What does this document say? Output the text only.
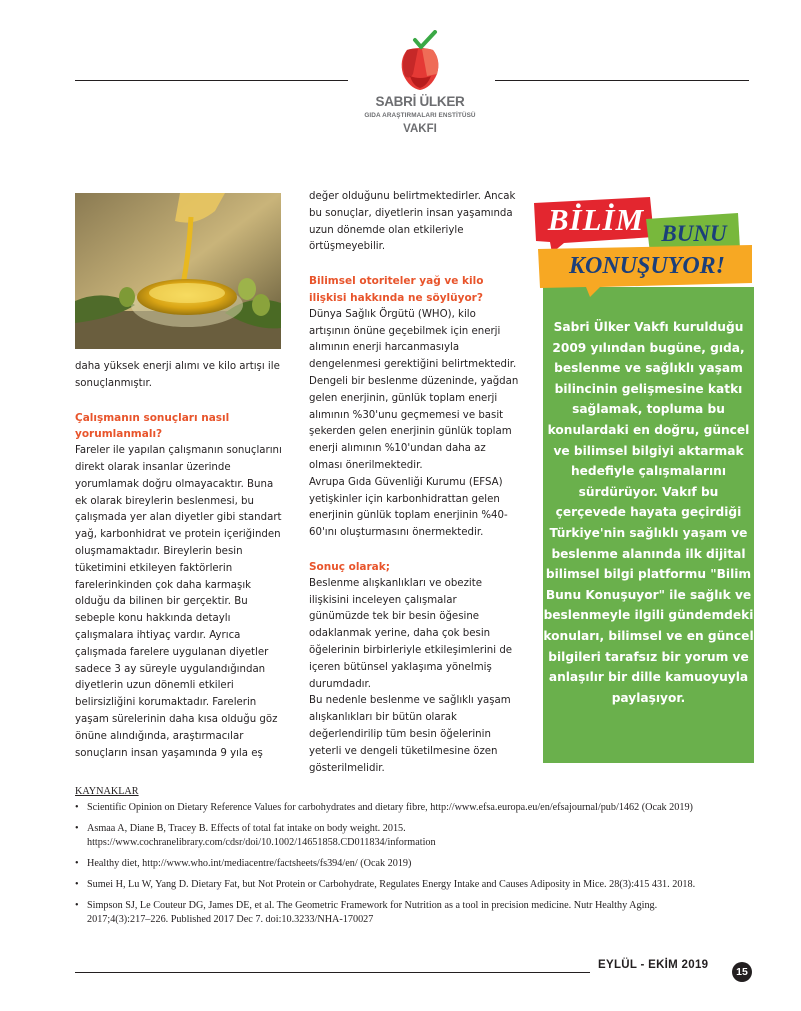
SABRİ ÜLKER
GIDA ARAŞTIRMALARI ENSTİTÜSÜ
VAKFI

daha yüksek enerji alımı ve kilo artışı ile sonuçlanmıştır.

Çalışmanın sonuçları nasıl yorumlanmalı?

Fareler ile yapılan çalışmanın sonuçlarını direkt olarak insanlar üzerinde yorumlamak doğru olmayacaktır. Buna ek olarak bireylerin beslenmesi, bu çalışmada yer alan diyetler gibi standart yağ, karbonhidrat ve protein içeriğinden oluşmamaktadır. Bireylerin besin tüketimini etkileyen faktörlerin farelerinkinden çok daha karmaşık olduğu da bilinen bir gerçektir. Bu sebeple konu hakkında detaylı çalışmalara ihtiyaç vardır. Ayrıca çalışmada farelere uygulanan diyetler sadece 3 ay süreyle uygulandığından diyetlerin uzun dönemli etkileri belirsizliğini korumaktadır. Farelerin yaşam sürelerinin daha kısa olduğu göz önüne alındığında, araştırmacılar sonuçların insan yaşamında 9 yıla eş

değer olduğunu belirtmektedirler. Ancak bu sonuçlar, diyetlerin insan yaşamında uzun dönemde olan etkileriyle örtüşmeyebilir.

Bilimsel otoriteler yağ ve kilo ilişkisi hakkında ne söylüyor?

Dünya Sağlık Örgütü (WHO), kilo artışının önüne geçebilmek için enerji alımının enerji harcanmasıyla dengelenmesi gerektiğini belirtmektedir. Dengeli bir beslenme düzeninde, yağdan gelen enerjinin, günlük toplam enerji alımının %30'unu geçmemesi ve basit şekerden gelen enerjinin günlük toplam enerji alımının %10'undan daha az olması önerilmektedir.

Avrupa Gıda Güvenliği Kurumu (EFSA) yetişkinler için karbonhidrattan gelen enerjinin günlük toplam enerjinin %40-60'ını oluşturmasını önermektedir.

Sonuç olarak;

Beslenme alışkanlıkları ve obezite ilişkisini inceleyen çalışmalar günümüzde tek bir besin öğesine odaklanmak yerine, daha çok besin öğelerinin birbirleriyle etkileşimlerini de içeren bütünsel yaklaşıma yönelmiş durumdadır.

Bu nedenle beslenme ve sağlıklı yaşam alışkanlıkları bir bütün olarak değerlendirilip tüm besin öğelerinin yeterli ve dengeli tüketilmesine özen gösterilmelidir.

Sabri Ülker Vakfı kurulduğu 2009 yılından bugüne, gıda, beslenme ve sağlıklı yaşam bilincinin gelişmesine katkı sağlamak, topluma bu konulardaki en doğru, güncel ve bilimsel bilgiyi aktarmak hedefiyle çalışmalarını sürdürüyor. Vakıf bu çerçevede hayata geçirdiği Türkiye'nin sağlıklı yaşam ve beslenme alanında ilk dijital bilimsel bilgi platformu "Bilim Bunu Konuşuyor" ile sağlık ve beslenmeyle ilgili gündemdeki konuları, bilimsel ve en güncel bilgileri tarafsız bir yorum ve anlaşılır bir dille kamuoyuyla paylaşıyor.

BİLİM BUNU
KONUŞUYOR!
KAYNAKLAR
• Scientific Opinion on Dietary Reference Values for carbohydrates and dietary fibre, http://www.efsa.europa.eu/en/efsajournal/pub/1462 (Ocak 2019)
• Asmaa A, Diane B, Tracey B. Effects of total fat intake on body weight. 2015. https://www.cochranelibrary.com/cdsr/doi/10.1002/14651858.CD011834/information
• Healthy diet, http://www.who.int/mediacentre/factsheets/fs394/en/ (Ocak 2019)
• Sumei H, Lu W, Yang D. Dietary Fat, but Not Protein or Carbohydrate, Regulates Energy Intake and Causes Adiposity in Mice. 28(3):415 431. 2018.
• Simpson SJ, Le Couteur DG, James DE, et al. The Geometric Framework for Nutrition as a tool in precision medicine. Nutr Healthy Aging. 2017;4(3):217–226. Published 2017 Dec 7. doi:10.3233/NHA-170027
EYLÜL - EKİM 2019
15
